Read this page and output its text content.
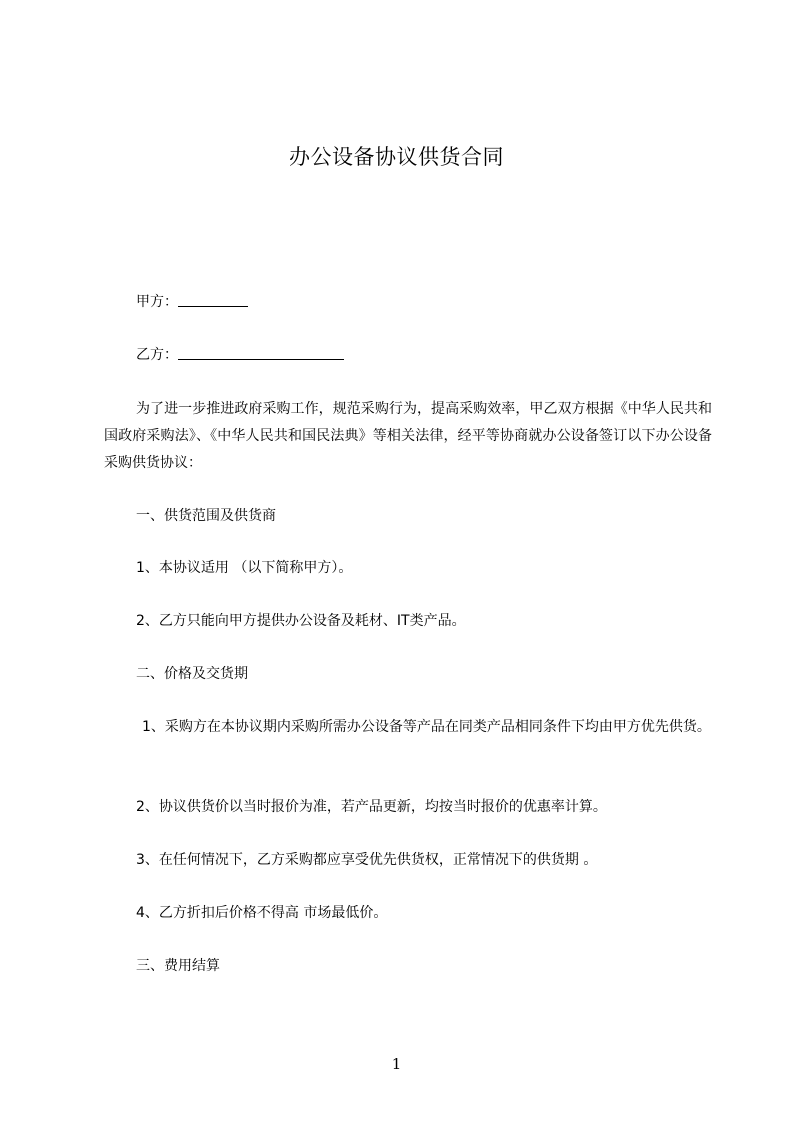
办公设备协议供货合同
甲方：
乙方：
为了进一步推进政府采购工作，规范采购行为，提高采购效率，甲乙双方根据《中华人民共和国政府采购法》、《中华人民共和国民法典》等相关法律，经平等协商就办公设备签订以下办公设备采购供货协议：
一、供货范围及供货商
1、本协议适用 （以下简称甲方）。
2、乙方只能向甲方提供办公设备及耗材、IT类产品。
二、价格及交货期
1、采购方在本协议期内采购所需办公设备等产品在同类产品相同条件下均由甲方优先供货。
2、协议供货价以当时报价为准，若产品更新，均按当时报价的优惠率计算。
3、在任何情况下，乙方采购都应享受优先供货权，正常情况下的供货期 。
4、乙方折扣后价格不得高 市场最低价。
三、费用结算
1
